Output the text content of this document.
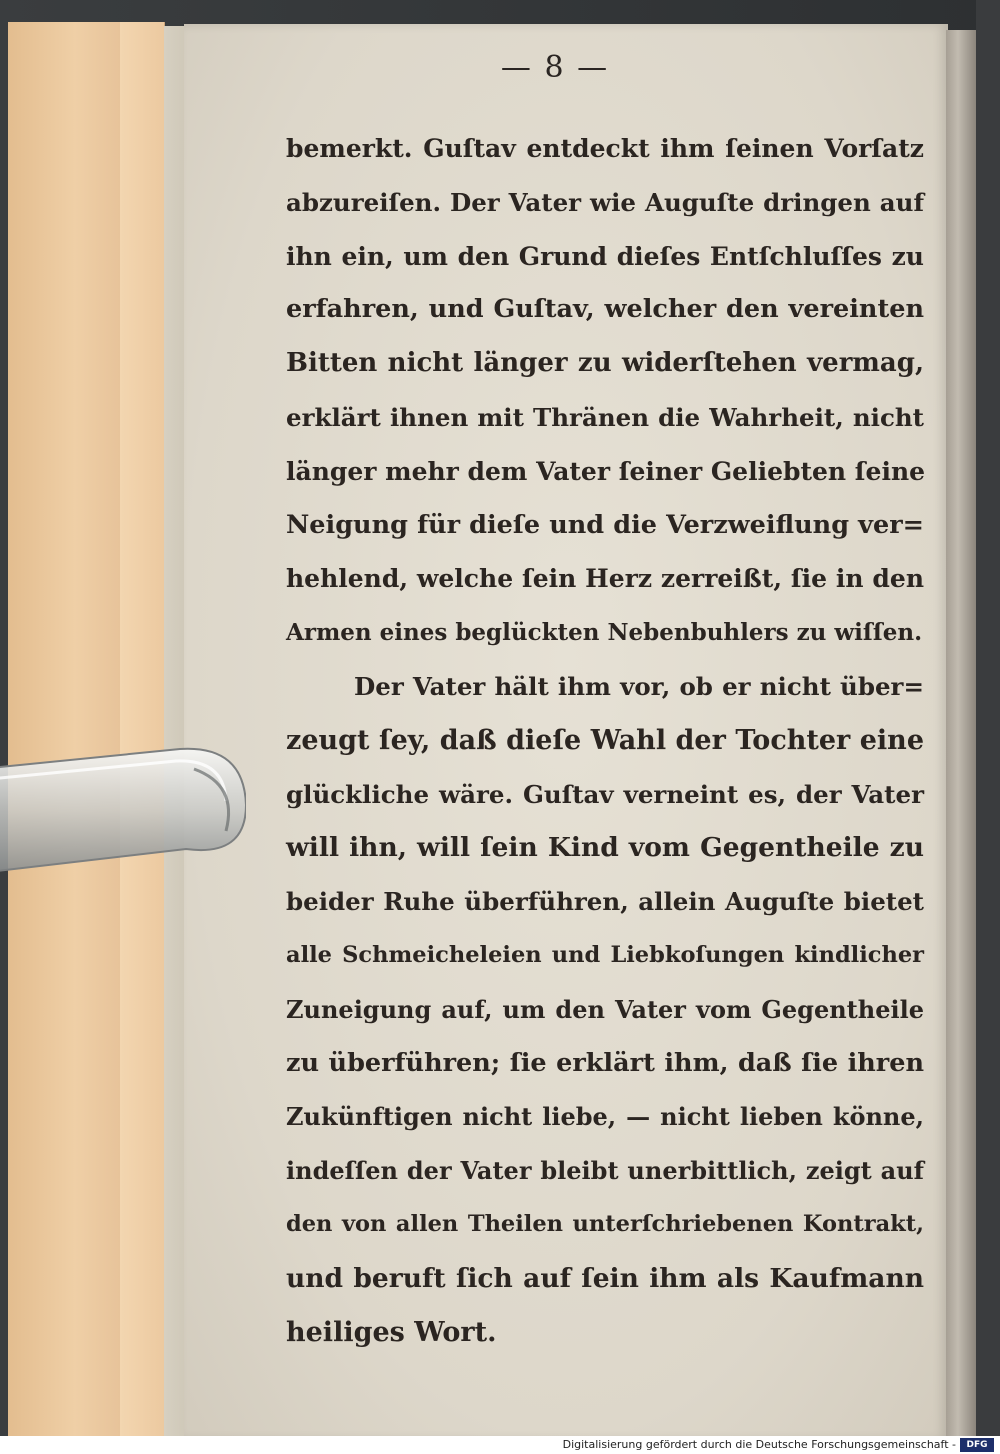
— 8 —
bemerkt. Guſtav entdeckt ihm ſeinen Vorſatz
abzureiſen. Der Vater wie Auguſte dringen auf
ihn ein, um den Grund dieſes Entſchluſſes zu
erfahren, und Guſtav, welcher den vereinten
Bitten nicht länger zu widerſtehen vermag,
erklärt ihnen mit Thränen die Wahrheit, nicht
länger mehr dem Vater ſeiner Geliebten ſeine
Neigung für dieſe und die Verzweiflung ver=
hehlend, welche ſein Herz zerreißt, ſie in den
Armen eines beglückten Nebenbuhlers zu wiſſen.
Der Vater hält ihm vor, ob er nicht über=
zeugt ſey, daß dieſe Wahl der Tochter eine
glückliche wäre. Guſtav verneint es, der Vater
will ihn, will ſein Kind vom Gegentheile zu
beider Ruhe überführen, allein Auguſte bietet
alle Schmeicheleien und Liebkoſungen kindlicher
Zuneigung auf, um den Vater vom Gegentheile
zu überführen; ſie erklärt ihm, daß ſie ihren
Zukünftigen nicht liebe, — nicht lieben könne,
indeſſen der Vater bleibt unerbittlich, zeigt auf
den von allen Theilen unterſchriebenen Kontrakt,
und beruft ſich auf ſein ihm als Kaufmann
heiliges Wort.
Digitalisierung gefördert durch die Deutsche Forschungsgemeinschaft -	DFG
